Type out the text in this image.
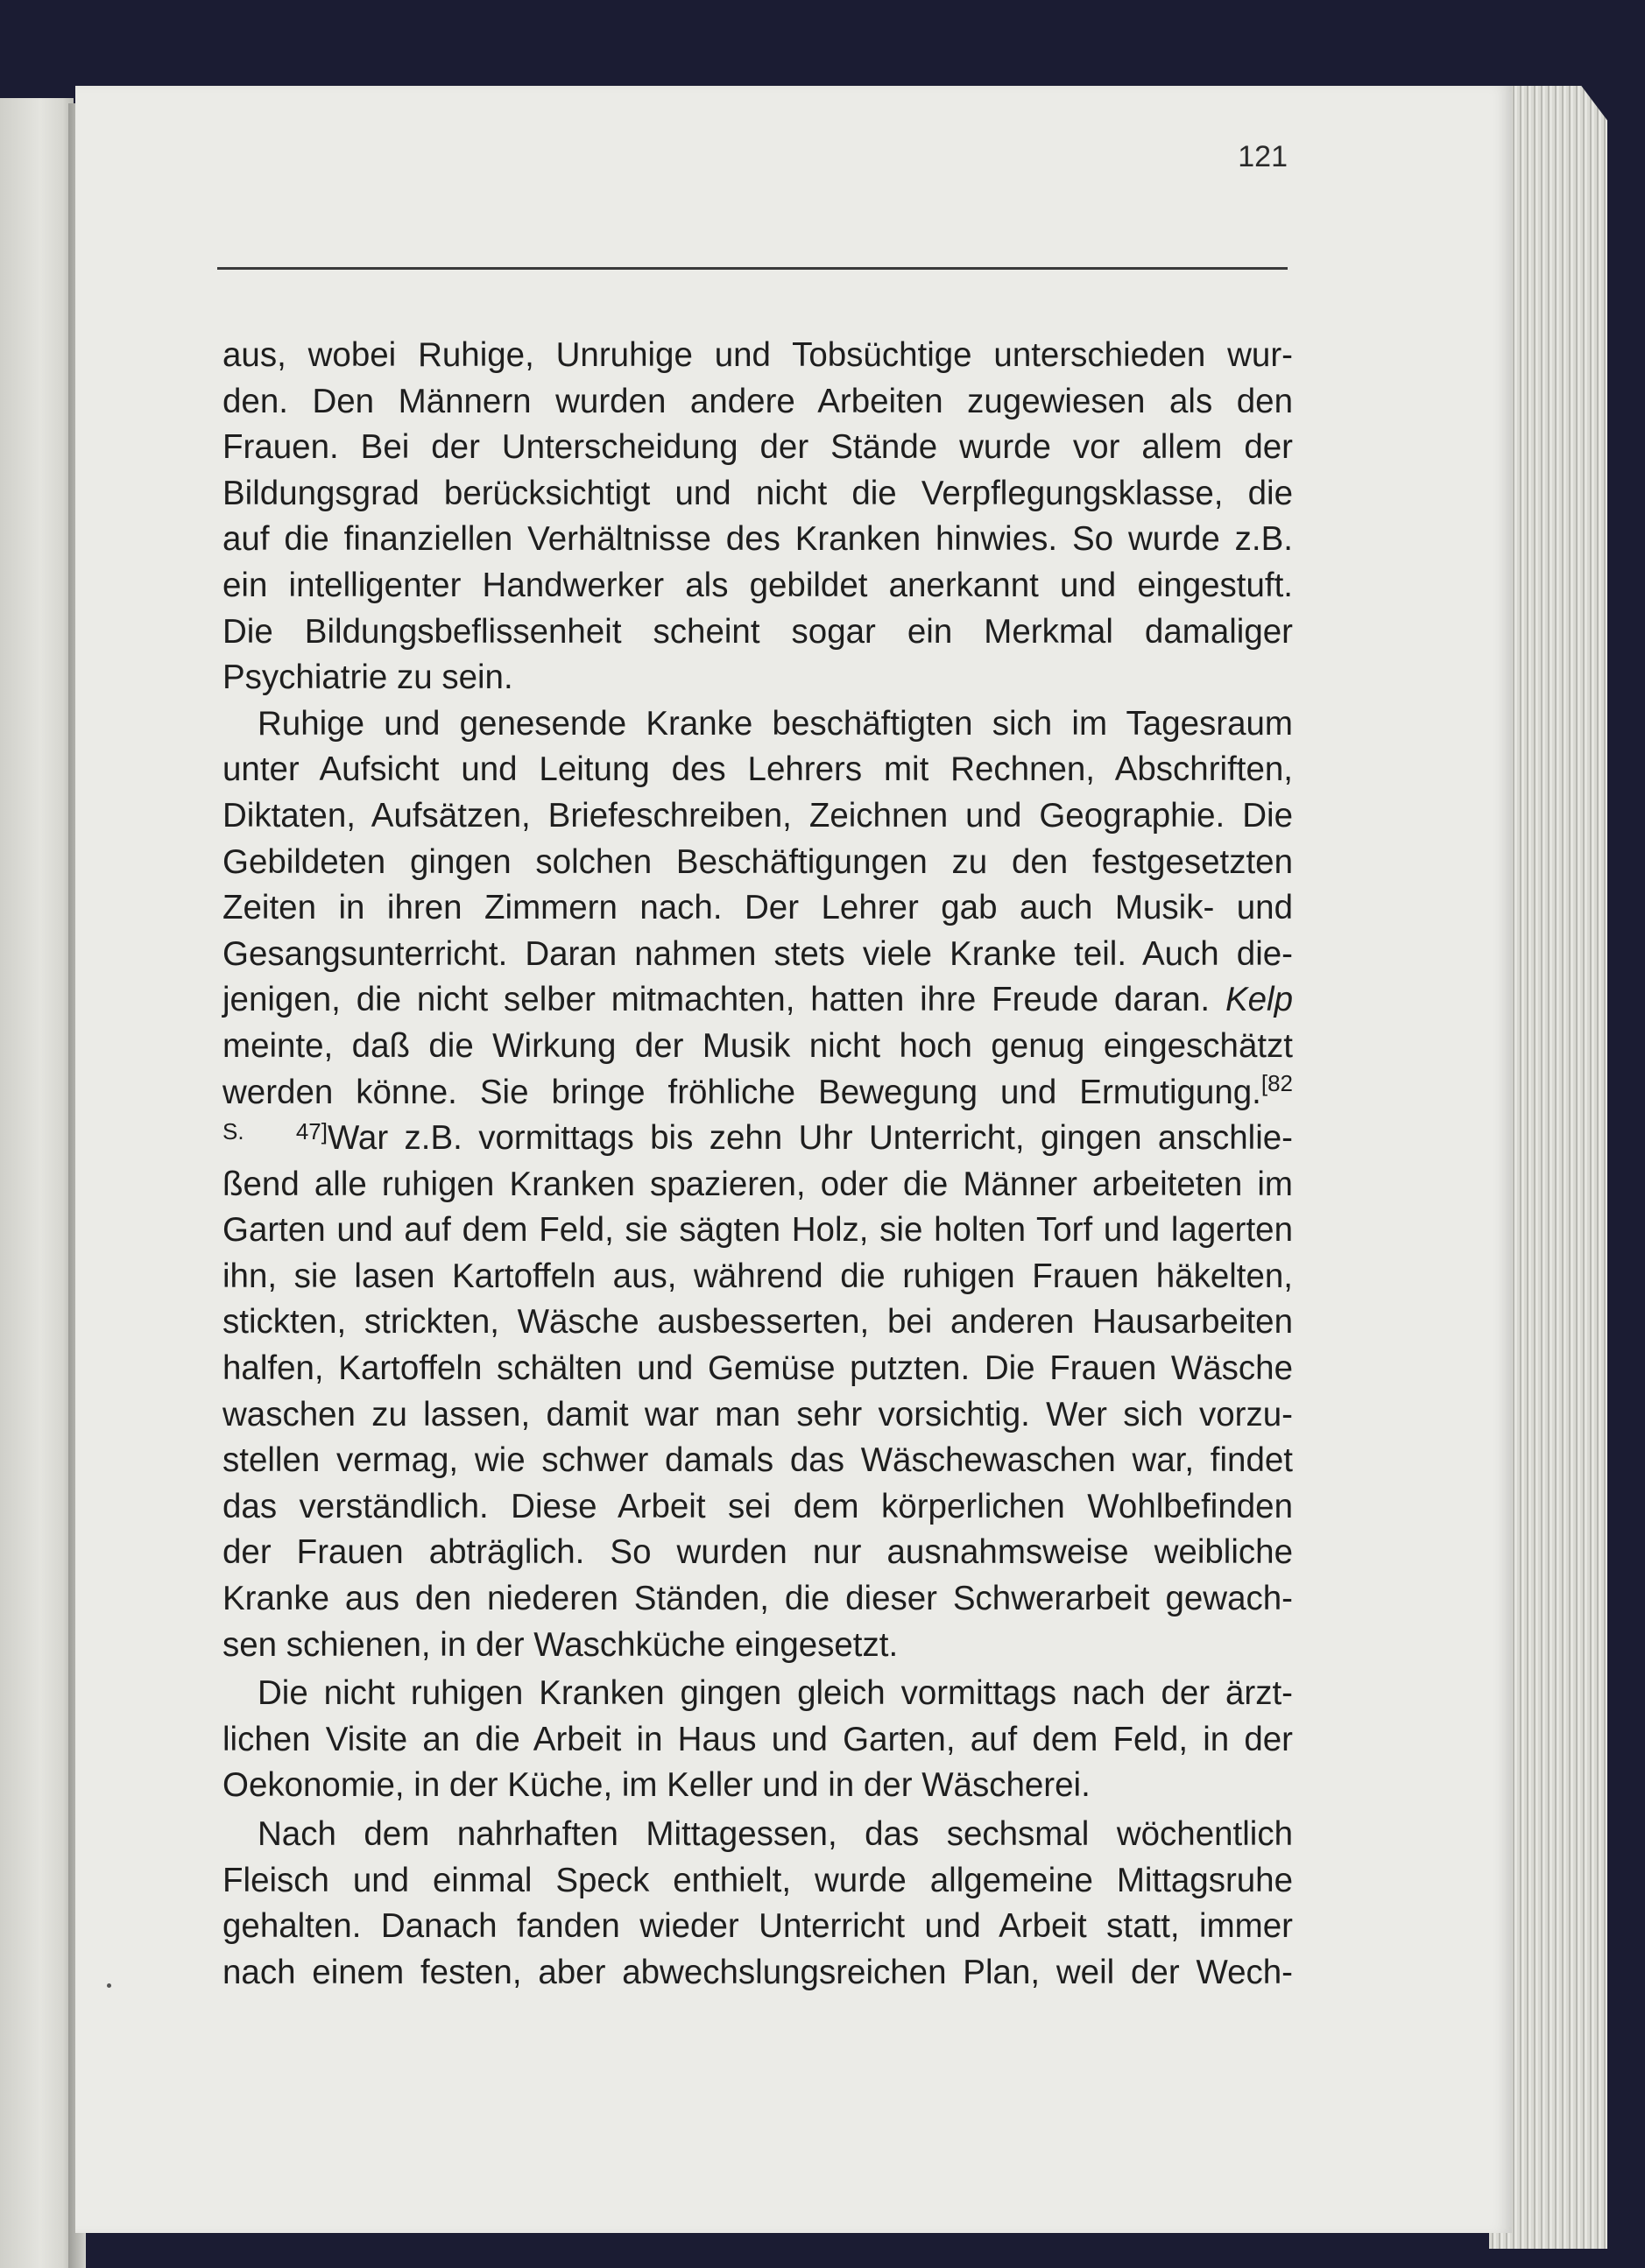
121
aus, wobei Ruhige, Unruhige und Tobsüchtige unterschieden wur-
den. Den Männern wurden andere Arbeiten zugewiesen als den
Frauen. Bei der Unterscheidung der Stände wurde vor allem der
Bildungsgrad berücksichtigt und nicht die Verpflegungsklasse, die
auf die finanziellen Verhältnisse des Kranken hinwies. So wurde z.B.
ein intelligenter Handwerker als gebildet anerkannt und eingestuft.
Die Bildungsbeflissenheit scheint sogar ein Merkmal damaliger
Psychiatrie zu sein.
Ruhige und genesende Kranke beschäftigten sich im Tagesraum
unter Aufsicht und Leitung des Lehrers mit Rechnen, Abschriften,
Diktaten, Aufsätzen, Briefeschreiben, Zeichnen und Geographie. Die
Gebildeten gingen solchen Beschäftigungen zu den festgesetzten
Zeiten in ihren Zimmern nach. Der Lehrer gab auch Musik- und
Gesangsunterricht. Daran nahmen stets viele Kranke teil. Auch die-
jenigen, die nicht selber mitmachten, hatten ihre Freude daran. Kelp
meinte, daß die Wirkung der Musik nicht hoch genug eingeschätzt
werden könne. Sie bringe fröhliche Bewegung und Ermutigung.$^{[82}$
S. 47]War z.B. vormittags bis zehn Uhr Unterricht, gingen anschlie-
ßend alle ruhigen Kranken spazieren, oder die Männer arbeiteten im
Garten und auf dem Feld, sie sägten Holz, sie holten Torf und lagerten
ihn, sie lasen Kartoffeln aus, während die ruhigen Frauen häkelten,
stickten, strickten, Wäsche ausbesserten, bei anderen Hausarbeiten
halfen, Kartoffeln schälten und Gemüse putzten. Die Frauen Wäsche
waschen zu lassen, damit war man sehr vorsichtig. Wer sich vorzu-
stellen vermag, wie schwer damals das Wäschewaschen war, findet
das verständlich. Diese Arbeit sei dem körperlichen Wohlbefinden
der Frauen abträglich. So wurden nur ausnahmsweise weibliche
Kranke aus den niederen Ständen, die dieser Schwerarbeit gewach-
sen schienen, in der Waschküche eingesetzt.
Die nicht ruhigen Kranken gingen gleich vormittags nach der ärzt-
lichen Visite an die Arbeit in Haus und Garten, auf dem Feld, in der
Oekonomie, in der Küche, im Keller und in der Wäscherei.
Nach dem nahrhaften Mittagessen, das sechsmal wöchentlich
Fleisch und einmal Speck enthielt, wurde allgemeine Mittagsruhe
gehalten. Danach fanden wieder Unterricht und Arbeit statt, immer
nach einem festen, aber abwechslungsreichen Plan, weil der Wech-
